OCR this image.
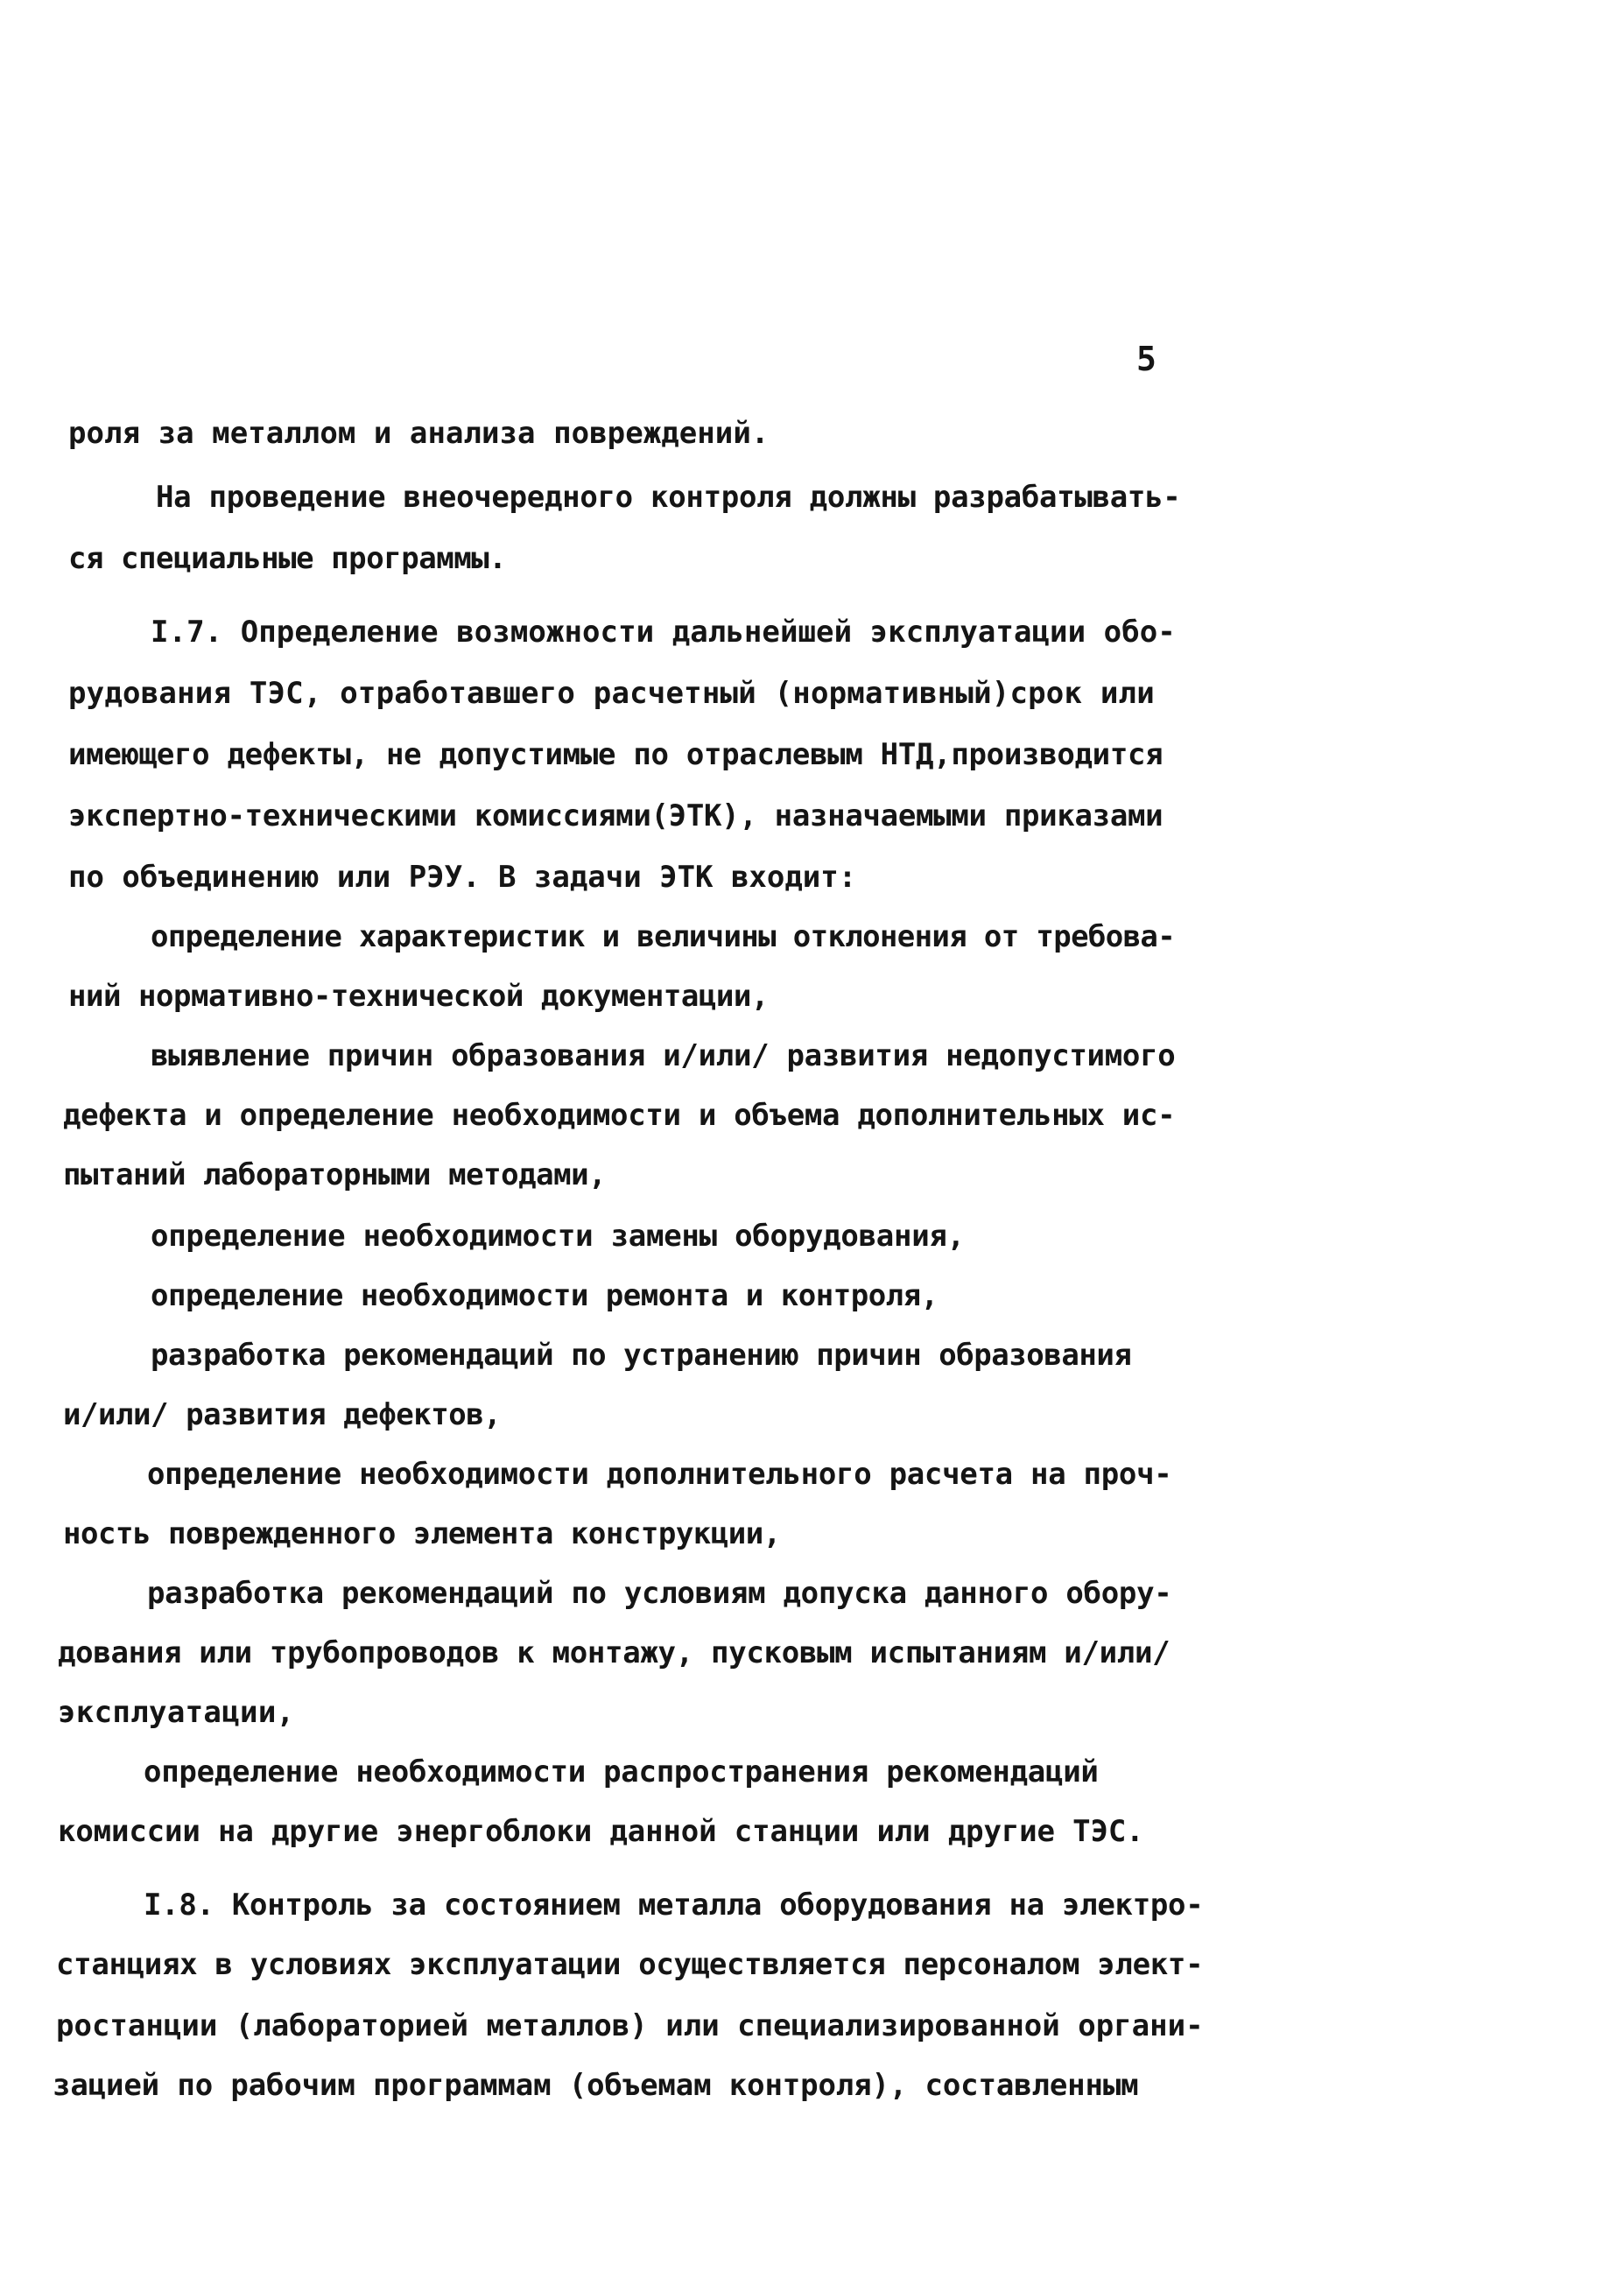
5
роля за металлом и анализа повреждений.
На проведение внеочередного контроля должны разрабатывать-
ся специальные программы.
I.7. Определение возможности дальнейшей эксплуатации обо-
рудования ТЭС, отработавшего расчетный (нормативный)срок или
имеющего дефекты, не допустимые по отраслевым НТД,производится
экспертно-техническими комиссиями(ЭТК), назначаемыми приказами
по объединению или РЭУ. В задачи ЭТК входит:
определение характеристик и величины отклонения от требова-
ний нормативно-технической документации,
выявление причин образования и/или/ развития недопустимого
дефекта и определение необходимости и объема дополнительных ис-
пытаний лабораторными методами,
определение необходимости замены оборудования,
определение необходимости ремонта и контроля,
разработка рекомендаций по устранению причин образования
и/или/ развития дефектов,
определение необходимости дополнительного расчета на проч-
ность поврежденного элемента конструкции,
разработка рекомендаций по условиям допуска данного обору-
дования или трубопроводов к монтажу, пусковым испытаниям и/или/
эксплуатации,
определение необходимости распространения рекомендаций
комиссии на другие энергоблоки данной станции или другие ТЭС.
I.8. Контроль за состоянием металла оборудования на электро-
станциях в условиях эксплуатации осуществляется персоналом элект-
ростанции (лабораторией металлов) или специализированной органи-
зацией по рабочим программам (объемам контроля), составленным
